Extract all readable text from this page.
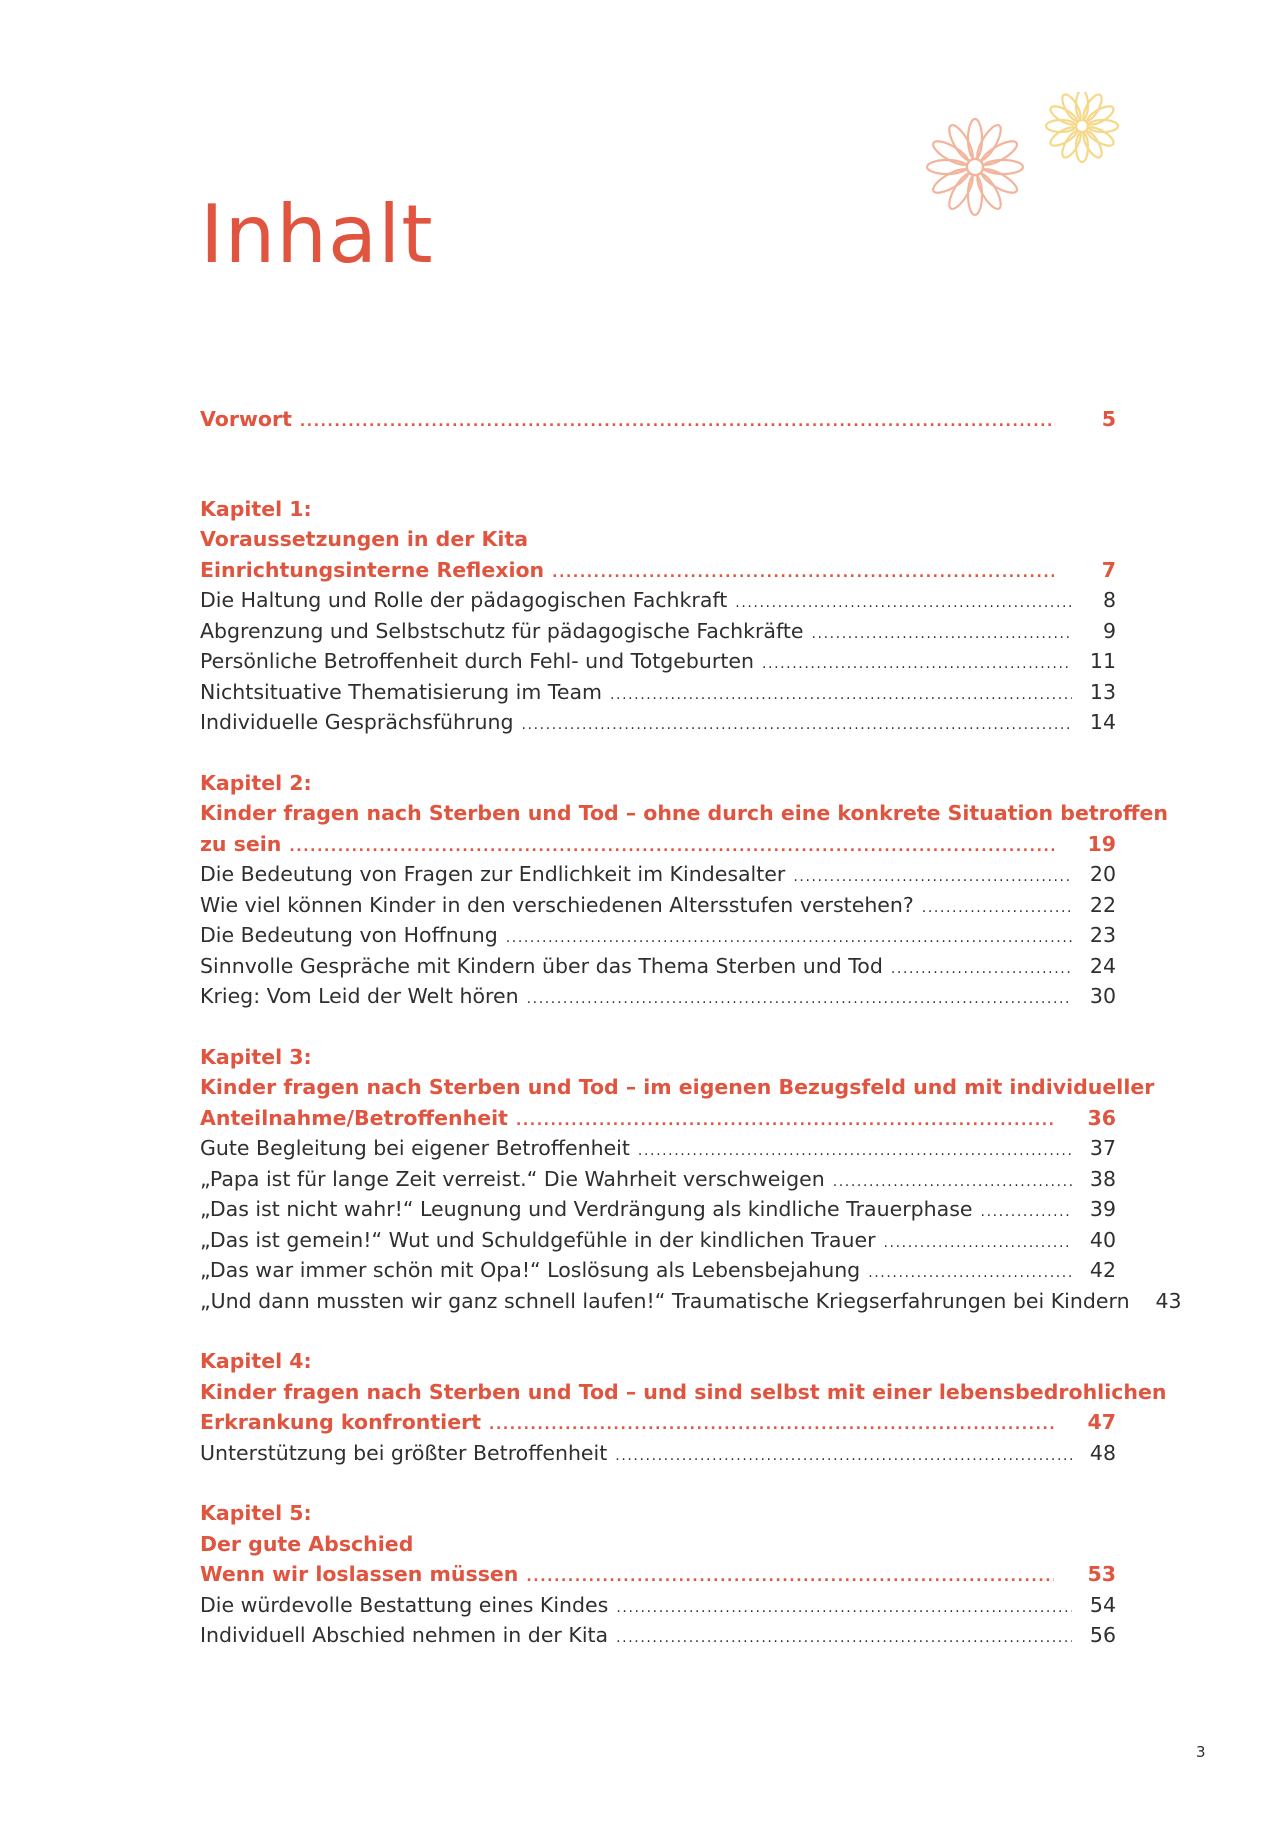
Inhalt
Vorwort .....	5
Kapitel 1:
Voraussetzungen in der Kita
Einrichtungsinterne Reflexion .....	7
Die Haltung und Rolle der pädagogischen Fachkraft .....	8
Abgrenzung und Selbstschutz für pädagogische Fachkräfte .....	9
Persönliche Betroffenheit durch Fehl- und Totgeburten .....	11
Nichtsituative Thematisierung im Team .....	13
Individuelle Gesprächsführung .....	14
Kapitel 2:
Kinder fragen nach Sterben und Tod – ohne durch eine konkrete Situation betroffen
zu sein .....	19
Die Bedeutung von Fragen zur Endlichkeit im Kindesalter .....	20
Wie viel können Kinder in den verschiedenen Altersstufen verstehen? .....	22
Die Bedeutung von Hoffnung .....	23
Sinnvolle Gespräche mit Kindern über das Thema Sterben und Tod .....	24
Krieg: Vom Leid der Welt hören .....	30
Kapitel 3:
Kinder fragen nach Sterben und Tod – im eigenen Bezugsfeld und mit individueller
Anteilnahme/Betroffenheit .....	36
Gute Begleitung bei eigener Betroffenheit .....	37
„Papa ist für lange Zeit verreist.“ Die Wahrheit verschweigen .....	38
„Das ist nicht wahr!“ Leugnung und Verdrängung als kindliche Trauerphase .....	39
„Das ist gemein!“ Wut und Schuldgefühle in der kindlichen Trauer .....	40
„Das war immer schön mit Opa!“ Loslösung als Lebensbejahung .....	42
„Und dann mussten wir ganz schnell laufen!“ Traumatische Kriegserfahrungen bei Kindern	43
Kapitel 4:
Kinder fragen nach Sterben und Tod – und sind selbst mit einer lebensbedrohlichen
Erkrankung konfrontiert .....	47
Unterstützung bei größter Betroffenheit .....	48
Kapitel 5:
Der gute Abschied
Wenn wir loslassen müssen .....	53
Die würdevolle Bestattung eines Kindes .....	54
Individuell Abschied nehmen in der Kita .....	56
3
